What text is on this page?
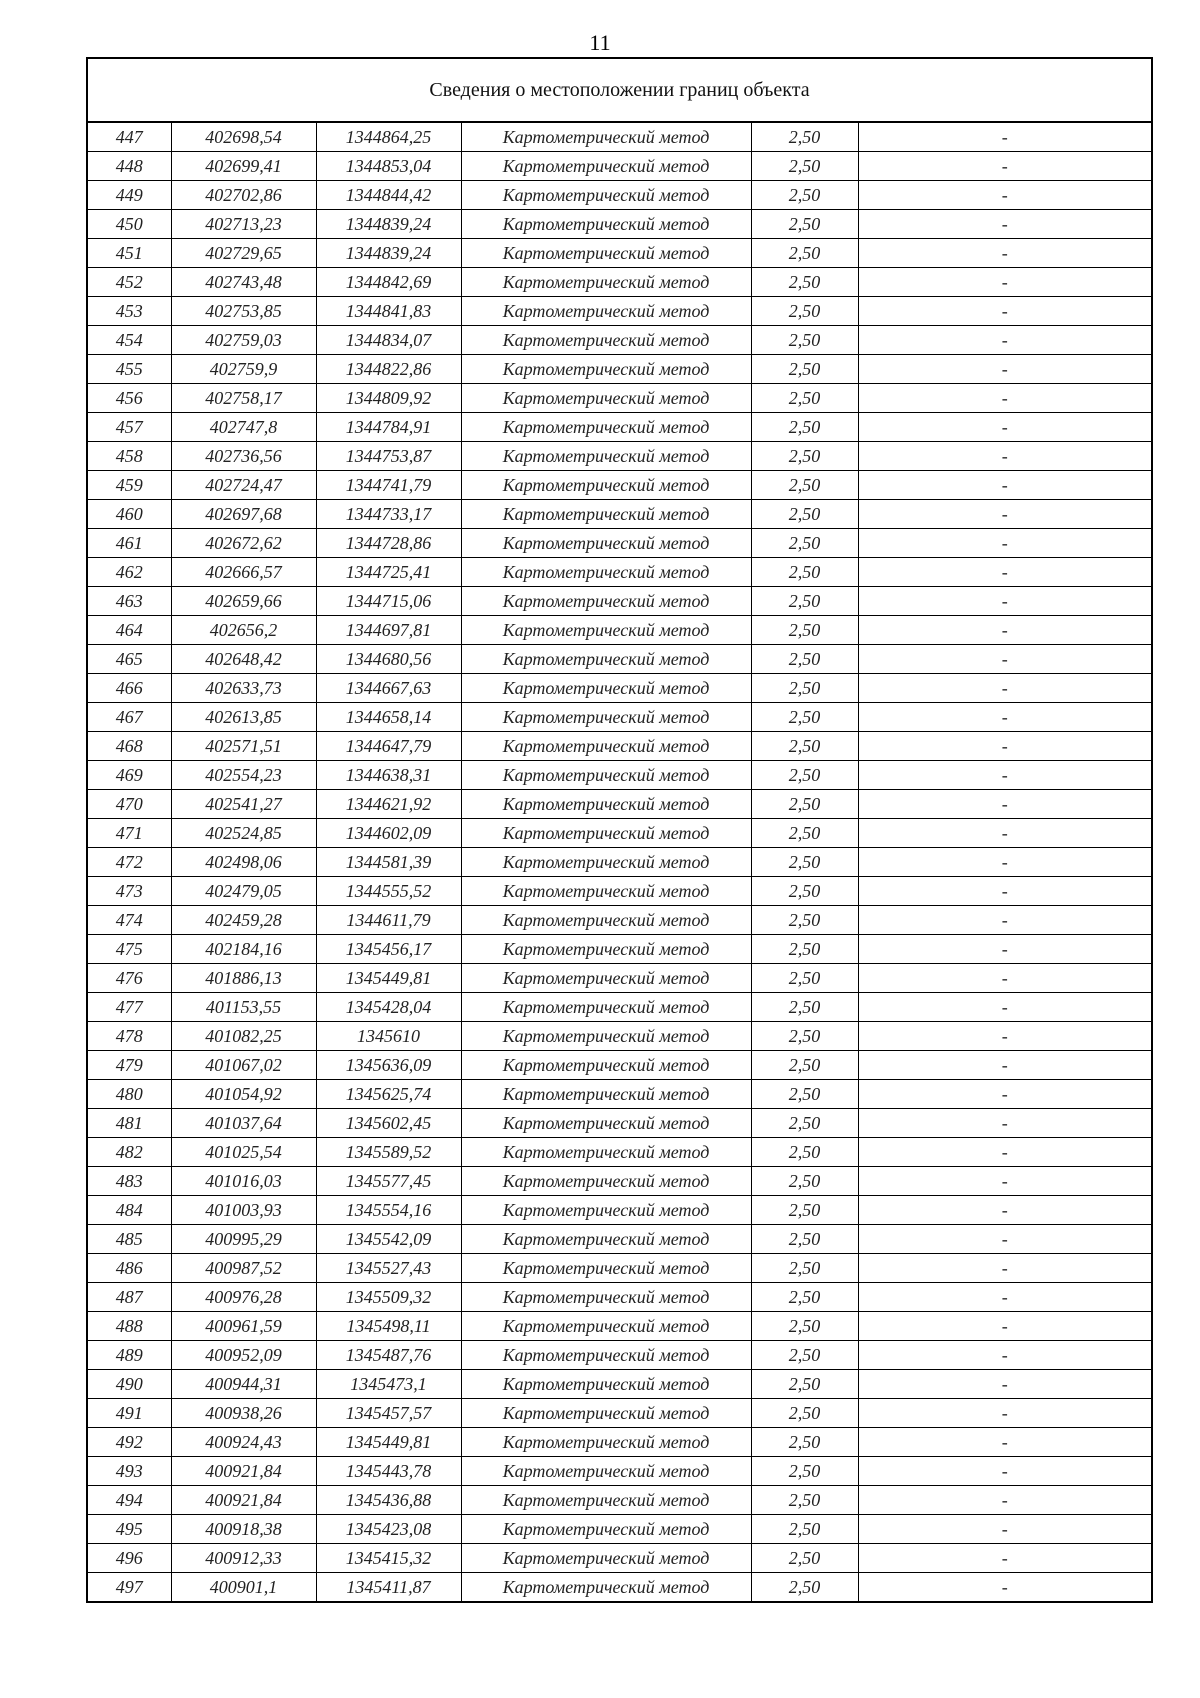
11
Сведения о местоположении границ объекта					
447	402698,54	1344864,25	Картометрический метод	2,50	-
448	402699,41	1344853,04	Картометрический метод	2,50	-
449	402702,86	1344844,42	Картометрический метод	2,50	-
450	402713,23	1344839,24	Картометрический метод	2,50	-
451	402729,65	1344839,24	Картометрический метод	2,50	-
452	402743,48	1344842,69	Картометрический метод	2,50	-
453	402753,85	1344841,83	Картометрический метод	2,50	-
454	402759,03	1344834,07	Картометрический метод	2,50	-
455	402759,9	1344822,86	Картометрический метод	2,50	-
456	402758,17	1344809,92	Картометрический метод	2,50	-
457	402747,8	1344784,91	Картометрический метод	2,50	-
458	402736,56	1344753,87	Картометрический метод	2,50	-
459	402724,47	1344741,79	Картометрический метод	2,50	-
460	402697,68	1344733,17	Картометрический метод	2,50	-
461	402672,62	1344728,86	Картометрический метод	2,50	-
462	402666,57	1344725,41	Картометрический метод	2,50	-
463	402659,66	1344715,06	Картометрический метод	2,50	-
464	402656,2	1344697,81	Картометрический метод	2,50	-
465	402648,42	1344680,56	Картометрический метод	2,50	-
466	402633,73	1344667,63	Картометрический метод	2,50	-
467	402613,85	1344658,14	Картометрический метод	2,50	-
468	402571,51	1344647,79	Картометрический метод	2,50	-
469	402554,23	1344638,31	Картометрический метод	2,50	-
470	402541,27	1344621,92	Картометрический метод	2,50	-
471	402524,85	1344602,09	Картометрический метод	2,50	-
472	402498,06	1344581,39	Картометрический метод	2,50	-
473	402479,05	1344555,52	Картометрический метод	2,50	-
474	402459,28	1344611,79	Картометрический метод	2,50	-
475	402184,16	1345456,17	Картометрический метод	2,50	-
476	401886,13	1345449,81	Картометрический метод	2,50	-
477	401153,55	1345428,04	Картометрический метод	2,50	-
478	401082,25	1345610	Картометрический метод	2,50	-
479	401067,02	1345636,09	Картометрический метод	2,50	-
480	401054,92	1345625,74	Картометрический метод	2,50	-
481	401037,64	1345602,45	Картометрический метод	2,50	-
482	401025,54	1345589,52	Картометрический метод	2,50	-
483	401016,03	1345577,45	Картометрический метод	2,50	-
484	401003,93	1345554,16	Картометрический метод	2,50	-
485	400995,29	1345542,09	Картометрический метод	2,50	-
486	400987,52	1345527,43	Картометрический метод	2,50	-
487	400976,28	1345509,32	Картометрический метод	2,50	-
488	400961,59	1345498,11	Картометрический метод	2,50	-
489	400952,09	1345487,76	Картометрический метод	2,50	-
490	400944,31	1345473,1	Картометрический метод	2,50	-
491	400938,26	1345457,57	Картометрический метод	2,50	-
492	400924,43	1345449,81	Картометрический метод	2,50	-
493	400921,84	1345443,78	Картометрический метод	2,50	-
494	400921,84	1345436,88	Картометрический метод	2,50	-
495	400918,38	1345423,08	Картометрический метод	2,50	-
496	400912,33	1345415,32	Картометрический метод	2,50	-
497	400901,1	1345411,87	Картометрический метод	2,50	-
